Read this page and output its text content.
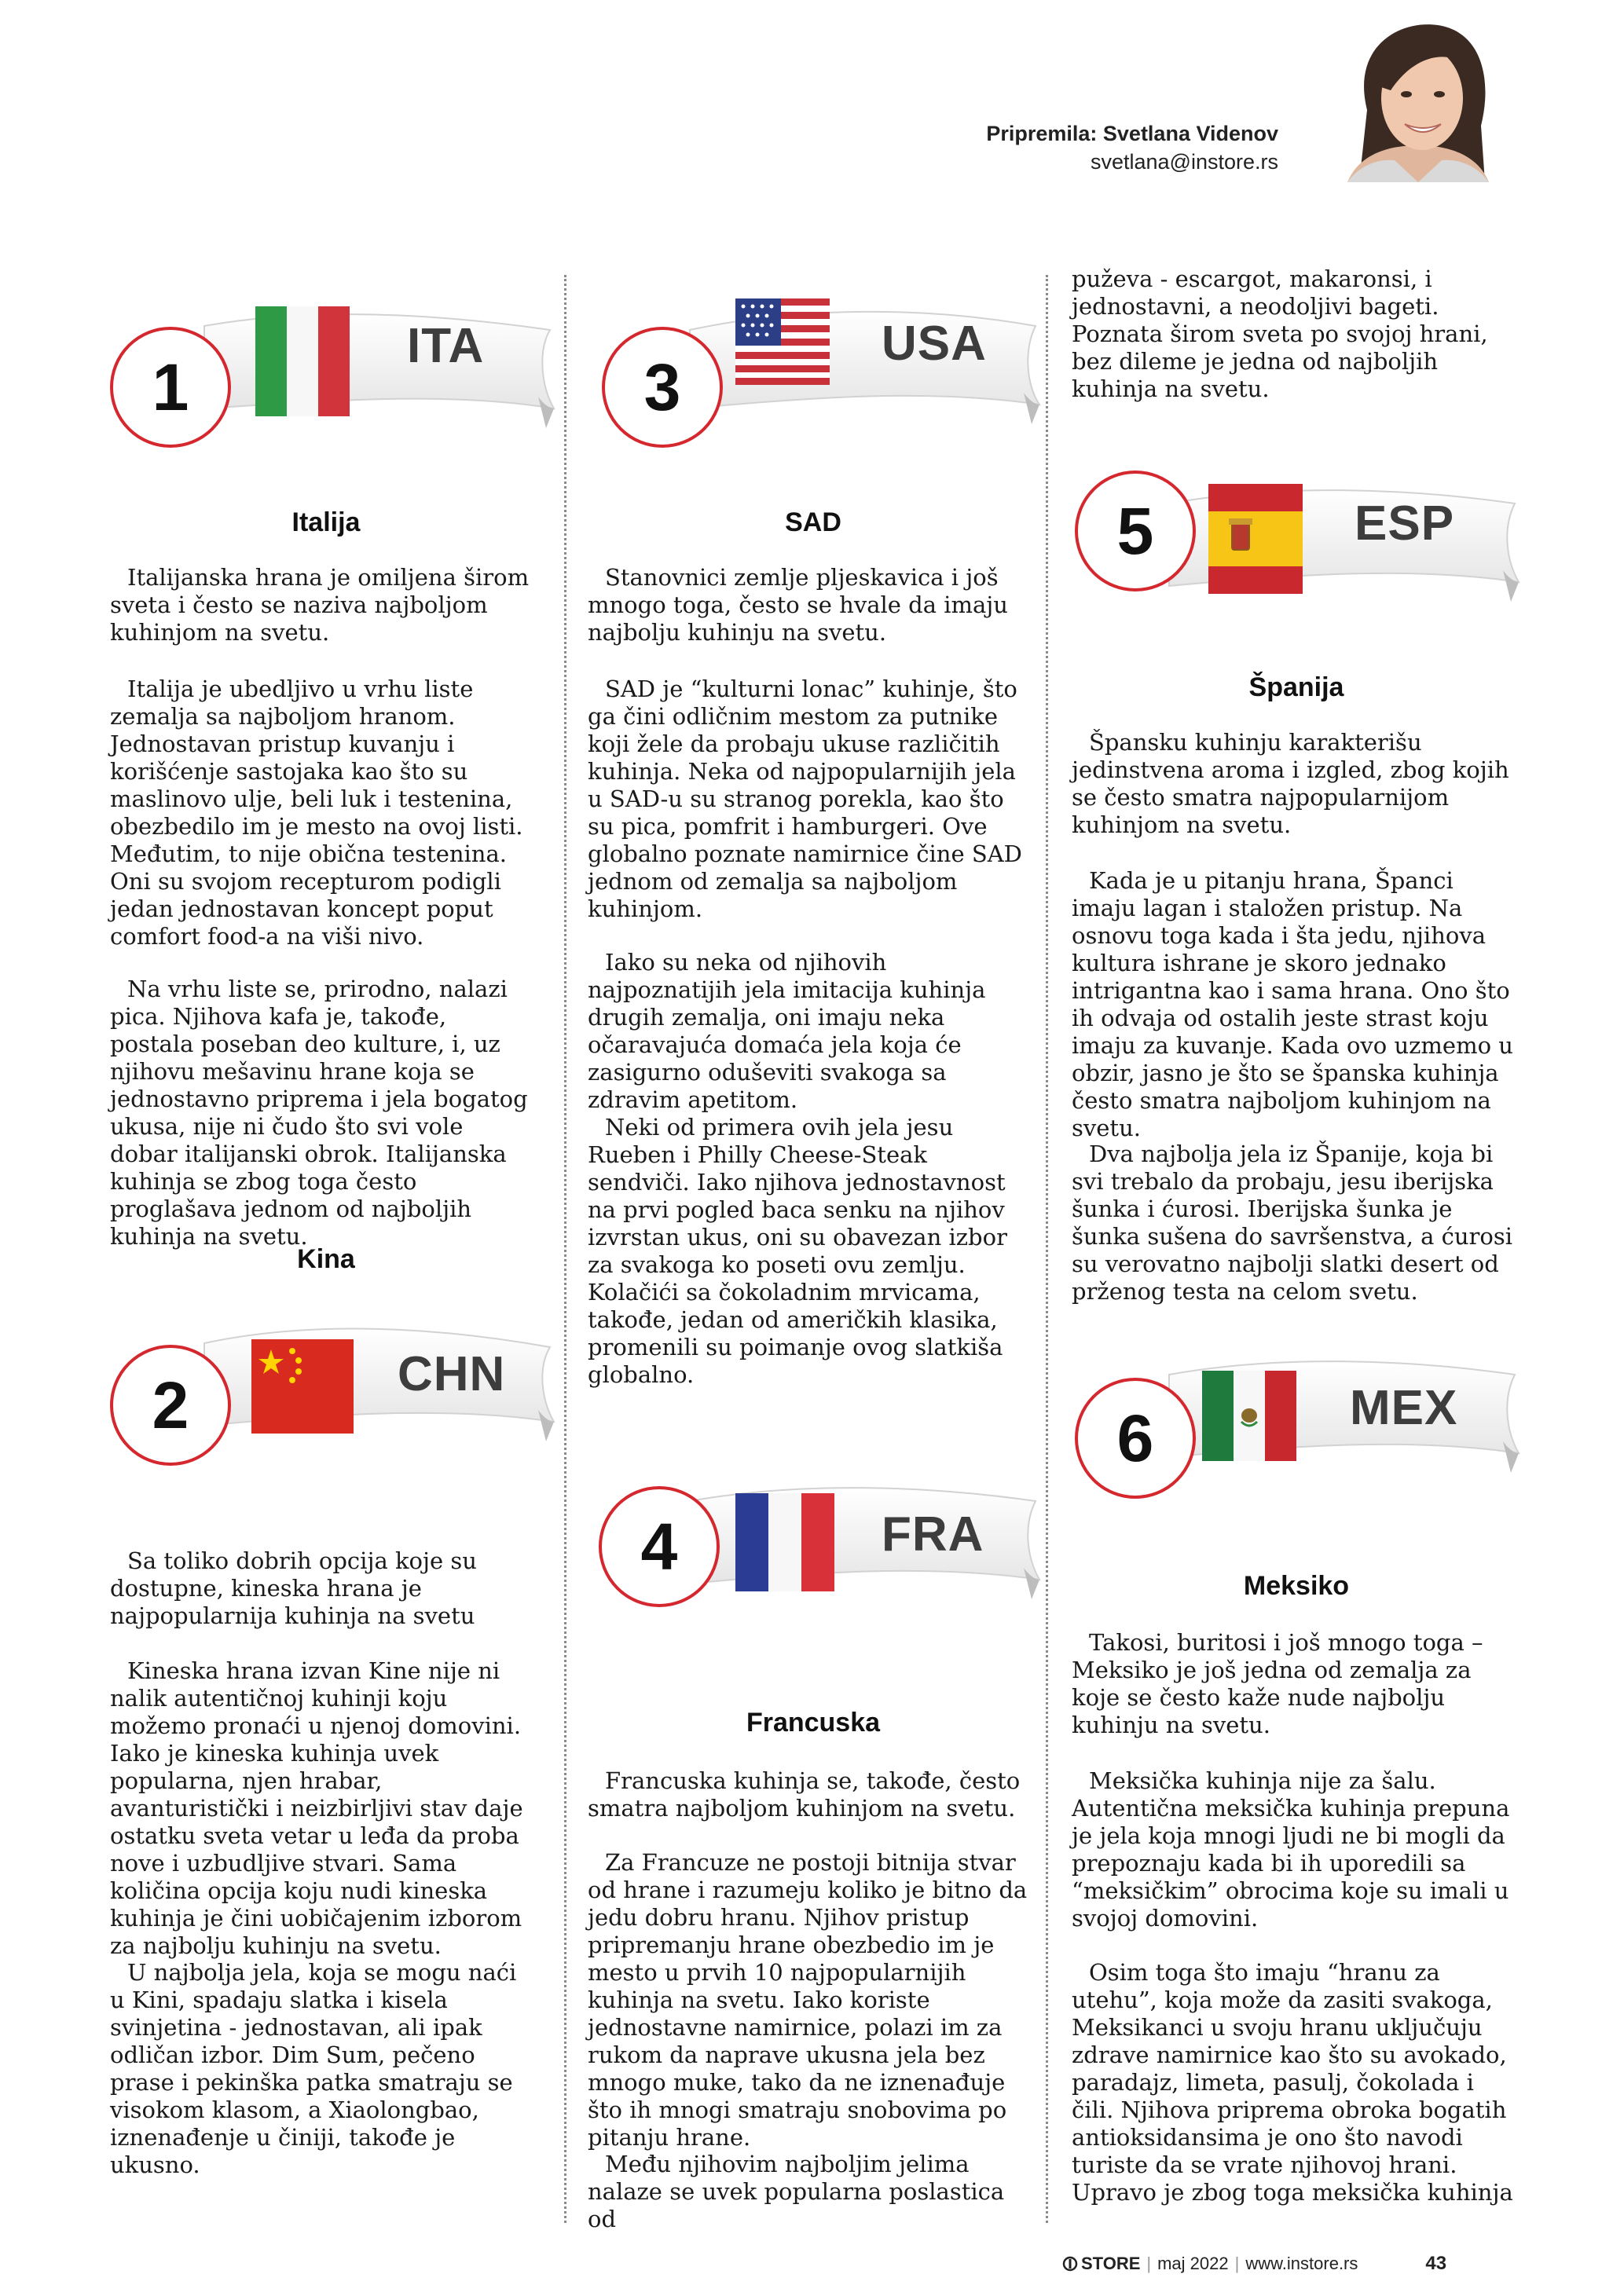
Pripremila: Svetlana Videnov
svetlana@instore.rs
1
ITA
3
USA
5	ESP
2	CHN
6	MEX
4	FRA
Italija

Italijanska hrana je omiljena širom sveta i često se naziva najboljom kuhinjom na svetu.

Italija je ubedljivo u vrhu liste zemalja sa najboljom hranom. Jednostavan pristup kuvanju i korišćenje sastojaka kao što su maslinovo ulje, beli luk i testenina, obezbedilo im je mesto na ovoj listi. Međutim, to nije obična testenina. Oni su svojom recepturom podigli jedan jednostavan koncept poput comfort food-a na viši nivo.

Na vrhu liste se, prirodno, nalazi pica. Njihova kafa je, takođe, postala poseban deo kulture, i, uz njihovu mešavinu hrane koja se jednostavno priprema i jela bogatog ukusa, nije ni čudo što svi vole dobar italijanski obrok. Italijanska kuhinja se zbog toga često proglašava jednom od najboljih kuhinja na svetu.

Kina

Sa toliko dobrih opcija koje su dostupne, kineska hrana je najpopularnija kuhinja na svetu

Kineska hrana izvan Kine nije ni nalik autentičnoj kuhinji koju možemo pronaći u njenoj domovini. Iako je kineska kuhinja uvek popularna, njen hrabar, avanturistički i neizbirljivi stav daje ostatku sveta vetar u leđa da proba nove i uzbudljive stvari. Sama količina opcija koju nudi kineska kuhinja je čini uobičajenim izborom za najbolju kuhinju na svetu.

U najbolja jela, koja se mogu naći u Kini, spadaju slatka i kisela svinjetina - jednostavan, ali ipak odličan izbor. Dim Sum, pečeno prase i pekinška patka smatraju se visokom klasom, a Xiaolongbao, iznenađenje u činiji, takođe je ukusno.

SAD

Stanovnici zemlje pljeskavica i još mnogo toga, često se hvale da imaju najbolju kuhinju na svetu.

SAD je “kulturni lonac” kuhinje, što ga čini odličnim mestom za putnike koji žele da probaju ukuse različitih kuhinja. Neka od najpopularnijih jela u SAD-u su stranog porekla, kao što su pica, pomfrit i hamburgeri. Ove globalno poznate namirnice čine SAD jednom od zemalja sa najboljom kuhinjom.

Iako su neka od njihovih najpoznatijih jela imitacija kuhinja drugih zemalja, oni imaju neka očaravajuća domaća jela koja će zasigurno oduševiti svakoga sa zdravim apetitom.

Neki od primera ovih jela jesu Rueben i Philly Cheese-Steak sendviči. Iako njihova jednostavnost na prvi pogled baca senku na njihov izvrstan ukus, oni su obavezan izbor za svakoga ko poseti ovu zemlju. Kolačići sa čokoladnim mrvicama, takođe, jedan od američkih klasika, promenili su poimanje ovog slatkiša globalno.

Francuska

Francuska kuhinja se, takođe, često smatra najboljom kuhinjom na svetu.

Za Francuze ne postoji bitnija stvar od hrane i razumeju koliko je bitno da jedu dobru hranu. Njihov pristup pripremanju hrane obezbedio im je mesto u prvih 10 najpopularnijih kuhinja na svetu. Iako koriste jednostavne namirnice, polazi im za rukom da naprave ukusna jela bez mnogo muke, tako da ne iznenađuje što ih mnogi smatraju snobovima po pitanju hrane.

Među njihovim najboljim jelima nalaze se uvek popularna poslastica od

puževa - escargot, makaronsi, i jednostavni, a neodoljivi bageti. Poznata širom sveta po svojoj hrani, bez dileme je jedna od najboljih kuhinja na svetu.

Španija

Špansku kuhinju karakterišu jedinstvena aroma i izgled, zbog kojih se često smatra najpopularnijom kuhinjom na svetu.

Kada je u pitanju hrana, Španci imaju lagan i staložen pristup. Na osnovu toga kada i šta jedu, njihova kultura ishrane je skoro jednako intrigantna kao i sama hrana. Ono što ih odvaja od ostalih jeste strast koju imaju za kuvanje. Kada ovo uzmemo u obzir, jasno je što se španska kuhinja često smatra najboljom kuhinjom na svetu.

Dva najbolja jela iz Španije, koja bi svi trebalo da probaju, jesu iberijska šunka i ćurosi. Iberijska šunka je šunka sušena do savršenstva, a ćurosi su verovatno najbolji slatki desert od prženog testa na celom svetu.

Meksiko

Takosi, buritosi i još mnogo toga – Meksiko je još jedna od zemalja za koje se često kaže nude najbolju kuhinju na svetu.

Meksička kuhinja nije za šalu. Autentična meksička kuhinja prepuna je jela koja mnogi ljudi ne bi mogli da prepoznaju kada bi ih uporedili sa “meksičkim” obrocima koje su imali u svojoj domovini.

Osim toga što imaju “hranu za utehu”, koja može da zasiti svakoga, Meksikanci u svoju hranu uključuju zdrave namirnice kao što su avokado, paradajz, limeta, pasulj, čokolada i čili. Njihova priprema obroka bogatih antioksidansima je ono što navodi turiste da se vrate njihovoj hrani. Upravo je zbog toga meksička kuhinja

STORE | maj 2022 | www.instore.rs	43
